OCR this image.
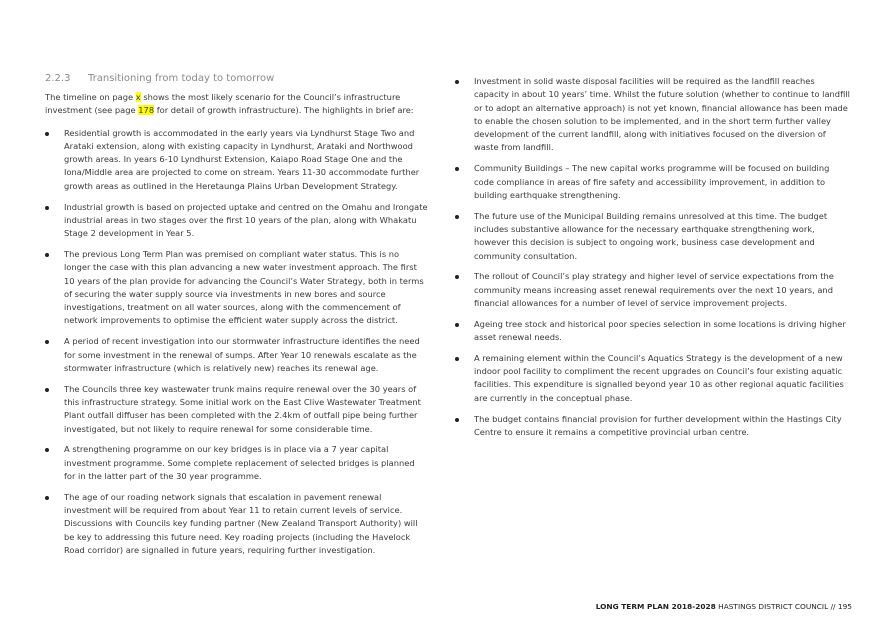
2.2.3 Transitioning from today to tomorrow

The timeline on page x shows the most likely scenario for the Council’s infrastructure investment (see page 178 for detail of growth infrastructure). The highlights in brief are:

Residential growth is accommodated in the early years via Lyndhurst Stage Two and Arataki extension, along with existing capacity in Lyndhurst, Arataki and Northwood growth areas. In years 6-10 Lyndhurst Extension, Kaiapo Road Stage One and the Iona/Middle area are projected to come on stream. Years 11-30 accommodate further growth areas as outlined in the Heretaunga Plains Urban Development Strategy.
Industrial growth is based on projected uptake and centred on the Omahu and Irongate industrial areas in two stages over the first 10 years of the plan, along with Whakatu Stage 2 development in Year 5.
The previous Long Term Plan was premised on compliant water status. This is no longer the case with this plan advancing a new water investment approach. The first 10 years of the plan provide for advancing the Council’s Water Strategy, both in terms of securing the water supply source via investments in new bores and source investigations, treatment on all water sources, along with the commencement of network improvements to optimise the efficient water supply across the district.
A period of recent investigation into our stormwater infrastructure identifies the need for some investment in the renewal of sumps. After Year 10 renewals escalate as the stormwater infrastructure (which is relatively new) reaches its renewal age.
The Councils three key wastewater trunk mains require renewal over the 30 years of this infrastructure strategy. Some initial work on the East Clive Wastewater Treatment Plant outfall diffuser has been completed with the 2.4km of outfall pipe being further investigated, but not likely to require renewal for some considerable time.
A strengthening programme on our key bridges is in place via a 7 year capital investment programme. Some complete replacement of selected bridges is planned for in the latter part of the 30 year programme.
The age of our roading network signals that escalation in pavement renewal investment will be required from about Year 11 to retain current levels of service. Discussions with Councils key funding partner (New Zealand Transport Authority) will be key to addressing this future need. Key roading projects (including the Havelock Road corridor) are signalled in future years, requiring further investigation.
Investment in solid waste disposal facilities will be required as the landfill reaches capacity in about 10 years’ time. Whilst the future solution (whether to continue to landfill or to adopt an alternative approach) is not yet known, financial allowance has been made to enable the chosen solution to be implemented, and in the short term further valley development of the current landfill, along with initiatives focused on the diversion of waste from landfill.
Community Buildings – The new capital works programme will be focused on building code compliance in areas of fire safety and accessibility improvement, in addition to building earthquake strengthening.
The future use of the Municipal Building remains unresolved at this time. The budget includes substantive allowance for the necessary earthquake strengthening work, however this decision is subject to ongoing work, business case development and community consultation.
The rollout of Council’s play strategy and higher level of service expectations from the community means increasing asset renewal requirements over the next 10 years, and financial allowances for a number of level of service improvement projects.
Ageing tree stock and historical poor species selection in some locations is driving higher asset renewal needs.
A remaining element within the Council’s Aquatics Strategy is the development of a new indoor pool facility to compliment the recent upgrades on Council’s four existing aquatic facilities. This expenditure is signalled beyond year 10 as other regional aquatic facilities are currently in the conceptual phase.
The budget contains financial provision for further development within the Hastings City Centre to ensure it remains a competitive provincial urban centre.
LONG TERM PLAN 2018-2028 HASTINGS DISTRICT COUNCIL // 195
